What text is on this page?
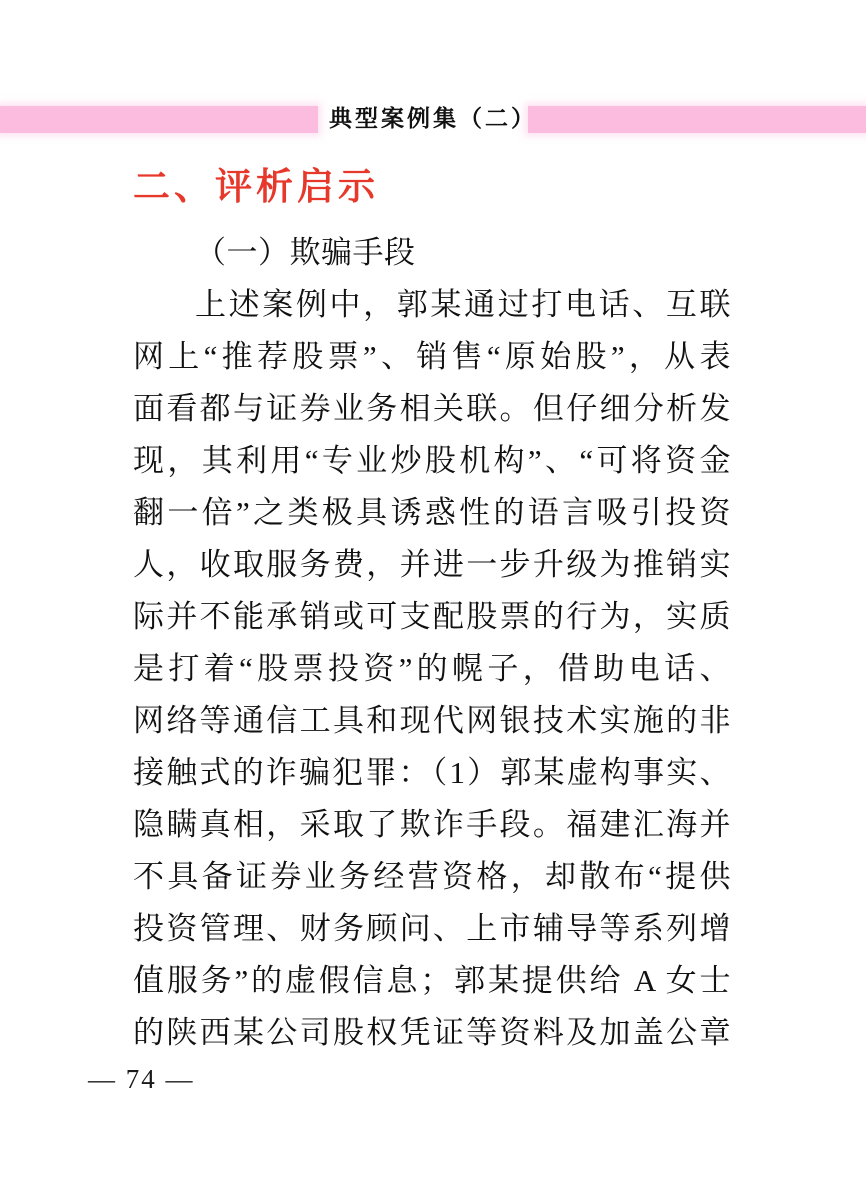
典型案例集（二）
二、评析启示
（一）欺骗手段
上述案例中，郭某通过打电话、互联
网上“推荐股票”、销售“原始股”，从表
面看都与证券业务相关联。但仔细分析发
现，其利用“专业炒股机构”、“可将资金
翻一倍”之类极具诱惑性的语言吸引投资
人，收取服务费，并进一步升级为推销实
际并不能承销或可支配股票的行为，实质
是打着“股票投资”的幌子，借助电话、
网络等通信工具和现代网银技术实施的非
接触式的诈骗犯罪：（1）郭某虚构事实、
隐瞒真相，采取了欺诈手段。福建汇海并
不具备证券业务经营资格，却散布“提供
投资管理、财务顾问、上市辅导等系列增
值服务”的虚假信息；郭某提供给 A 女士
的陕西某公司股权凭证等资料及加盖公章
— 74 —
